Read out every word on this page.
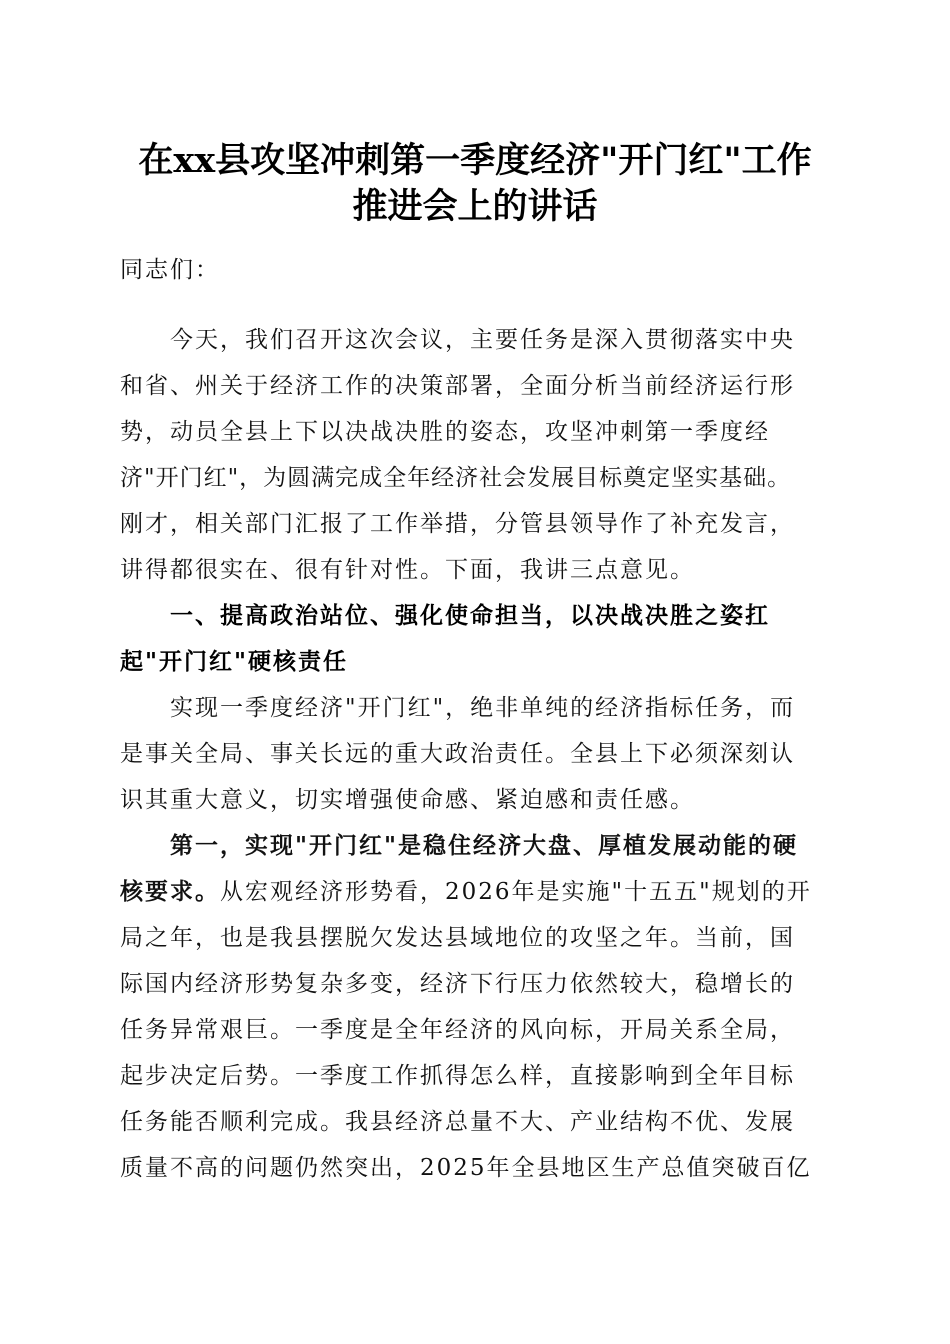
在xx县攻坚冲刺第一季度经济"开门红"工作
推进会上的讲话
同志们：
今天，我们召开这次会议，主要任务是深入贯彻落实中央
和省、州关于经济工作的决策部署，全面分析当前经济运行形
势，动员全县上下以决战决胜的姿态，攻坚冲刺第一季度经
济"开门红"，为圆满完成全年经济社会发展目标奠定坚实基础。
刚才，相关部门汇报了工作举措，分管县领导作了补充发言，
讲得都很实在、很有针对性。下面，我讲三点意见。
一、提高政治站位、强化使命担当，以决战决胜之姿扛
起"开门红"硬核责任
实现一季度经济"开门红"，绝非单纯的经济指标任务，而
是事关全局、事关长远的重大政治责任。全县上下必须深刻认
识其重大意义，切实增强使命感、紧迫感和责任感。
第一，实现"开门红"是稳住经济大盘、厚植发展动能的硬
核要求。从宏观经济形势看，2026年是实施"十五五"规划的开
局之年，也是我县摆脱欠发达县域地位的攻坚之年。当前，国
际国内经济形势复杂多变，经济下行压力依然较大，稳增长的
任务异常艰巨。一季度是全年经济的风向标，开局关系全局，
起步决定后势。一季度工作抓得怎么样，直接影响到全年目标
任务能否顺利完成。我县经济总量不大、产业结构不优、发展
质量不高的问题仍然突出，2025年全县地区生产总值突破百亿
